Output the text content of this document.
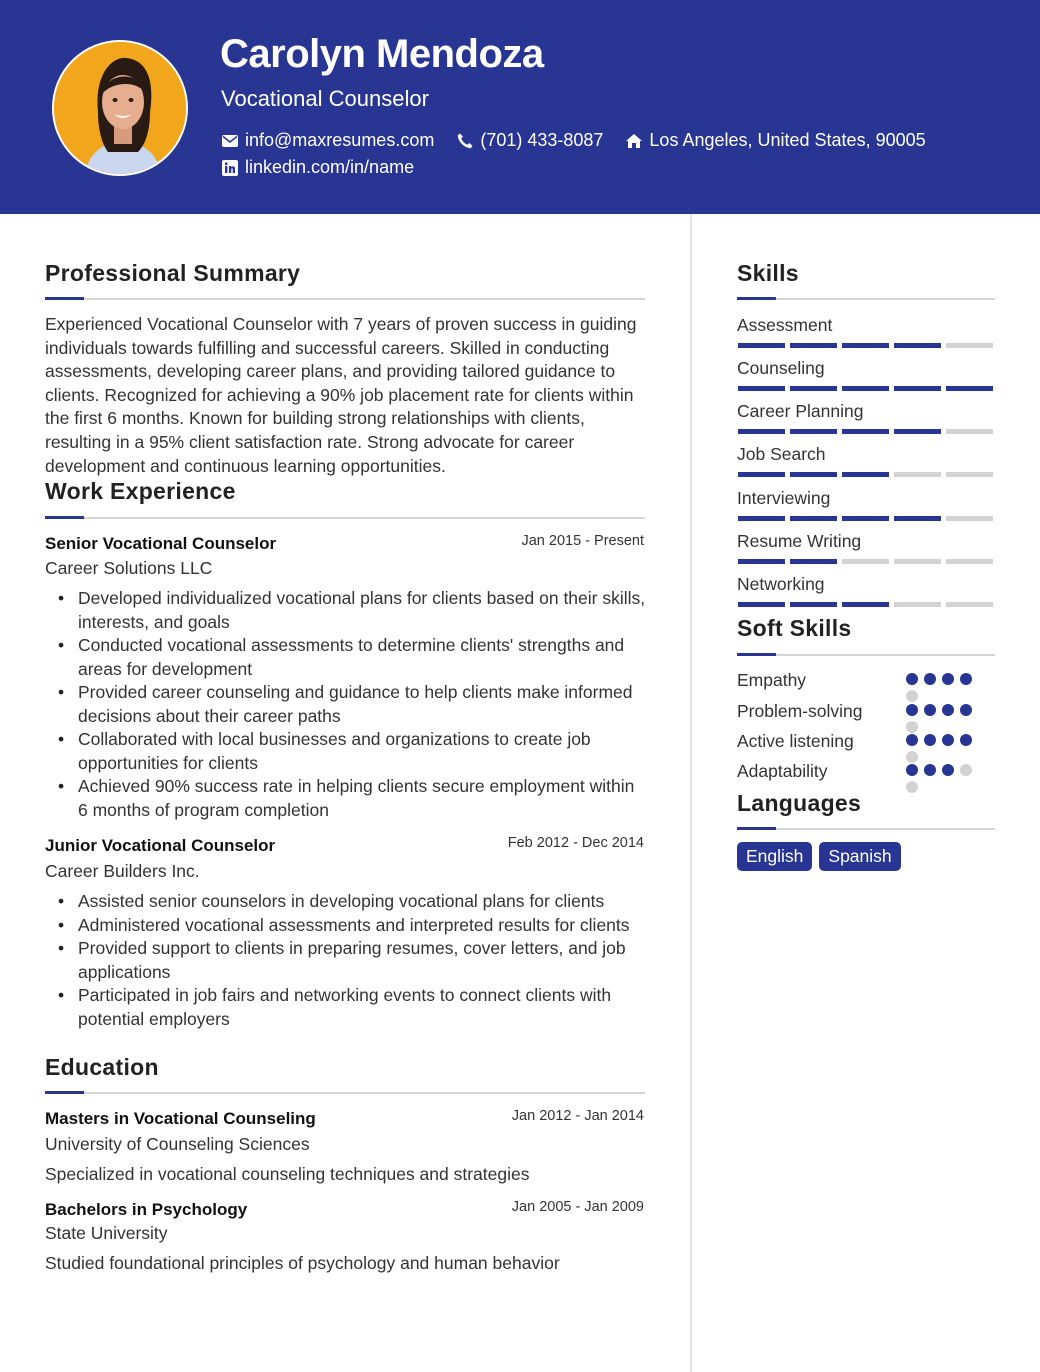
Carolyn Mendoza
Vocational Counselor
info@maxresumes.com	(701) 433-8087	Los Angeles, United States, 90005
linkedin.com/in/name
Professional Summary
Experienced Vocational Counselor with 7 years of proven success in guiding individuals towards fulfilling and successful careers. Skilled in conducting assessments, developing career plans, and providing tailored guidance to clients. Recognized for achieving a 90% job placement rate for clients within the first 6 months. Known for building strong relationships with clients, resulting in a 95% client satisfaction rate. Strong advocate for career development and continuous learning opportunities.
Work Experience
Senior Vocational Counselor	Jan 2015 - Present
Career Solutions LLC
• Developed individualized vocational plans for clients based on their skills, interests, and goals
• Conducted vocational assessments to determine clients' strengths and areas for development
• Provided career counseling and guidance to help clients make informed decisions about their career paths
• Collaborated with local businesses and organizations to create job opportunities for clients
• Achieved 90% success rate in helping clients secure employment within 6 months of program completion
Junior Vocational Counselor	Feb 2012 - Dec 2014
Career Builders Inc.
• Assisted senior counselors in developing vocational plans for clients
• Administered vocational assessments and interpreted results for clients
• Provided support to clients in preparing resumes, cover letters, and job applications
• Participated in job fairs and networking events to connect clients with potential employers
Education
Masters in Vocational Counseling	Jan 2012 - Jan 2014
University of Counseling Sciences
Specialized in vocational counseling techniques and strategies
Bachelors in Psychology	Jan 2005 - Jan 2009
State University
Studied foundational principles of psychology and human behavior
Skills
Assessment
Counseling
Career Planning
Job Search
Interviewing
Resume Writing
Networking
Soft Skills
Empathy
Problem-solving
Active listening
Adaptability
Languages
English	Spanish
